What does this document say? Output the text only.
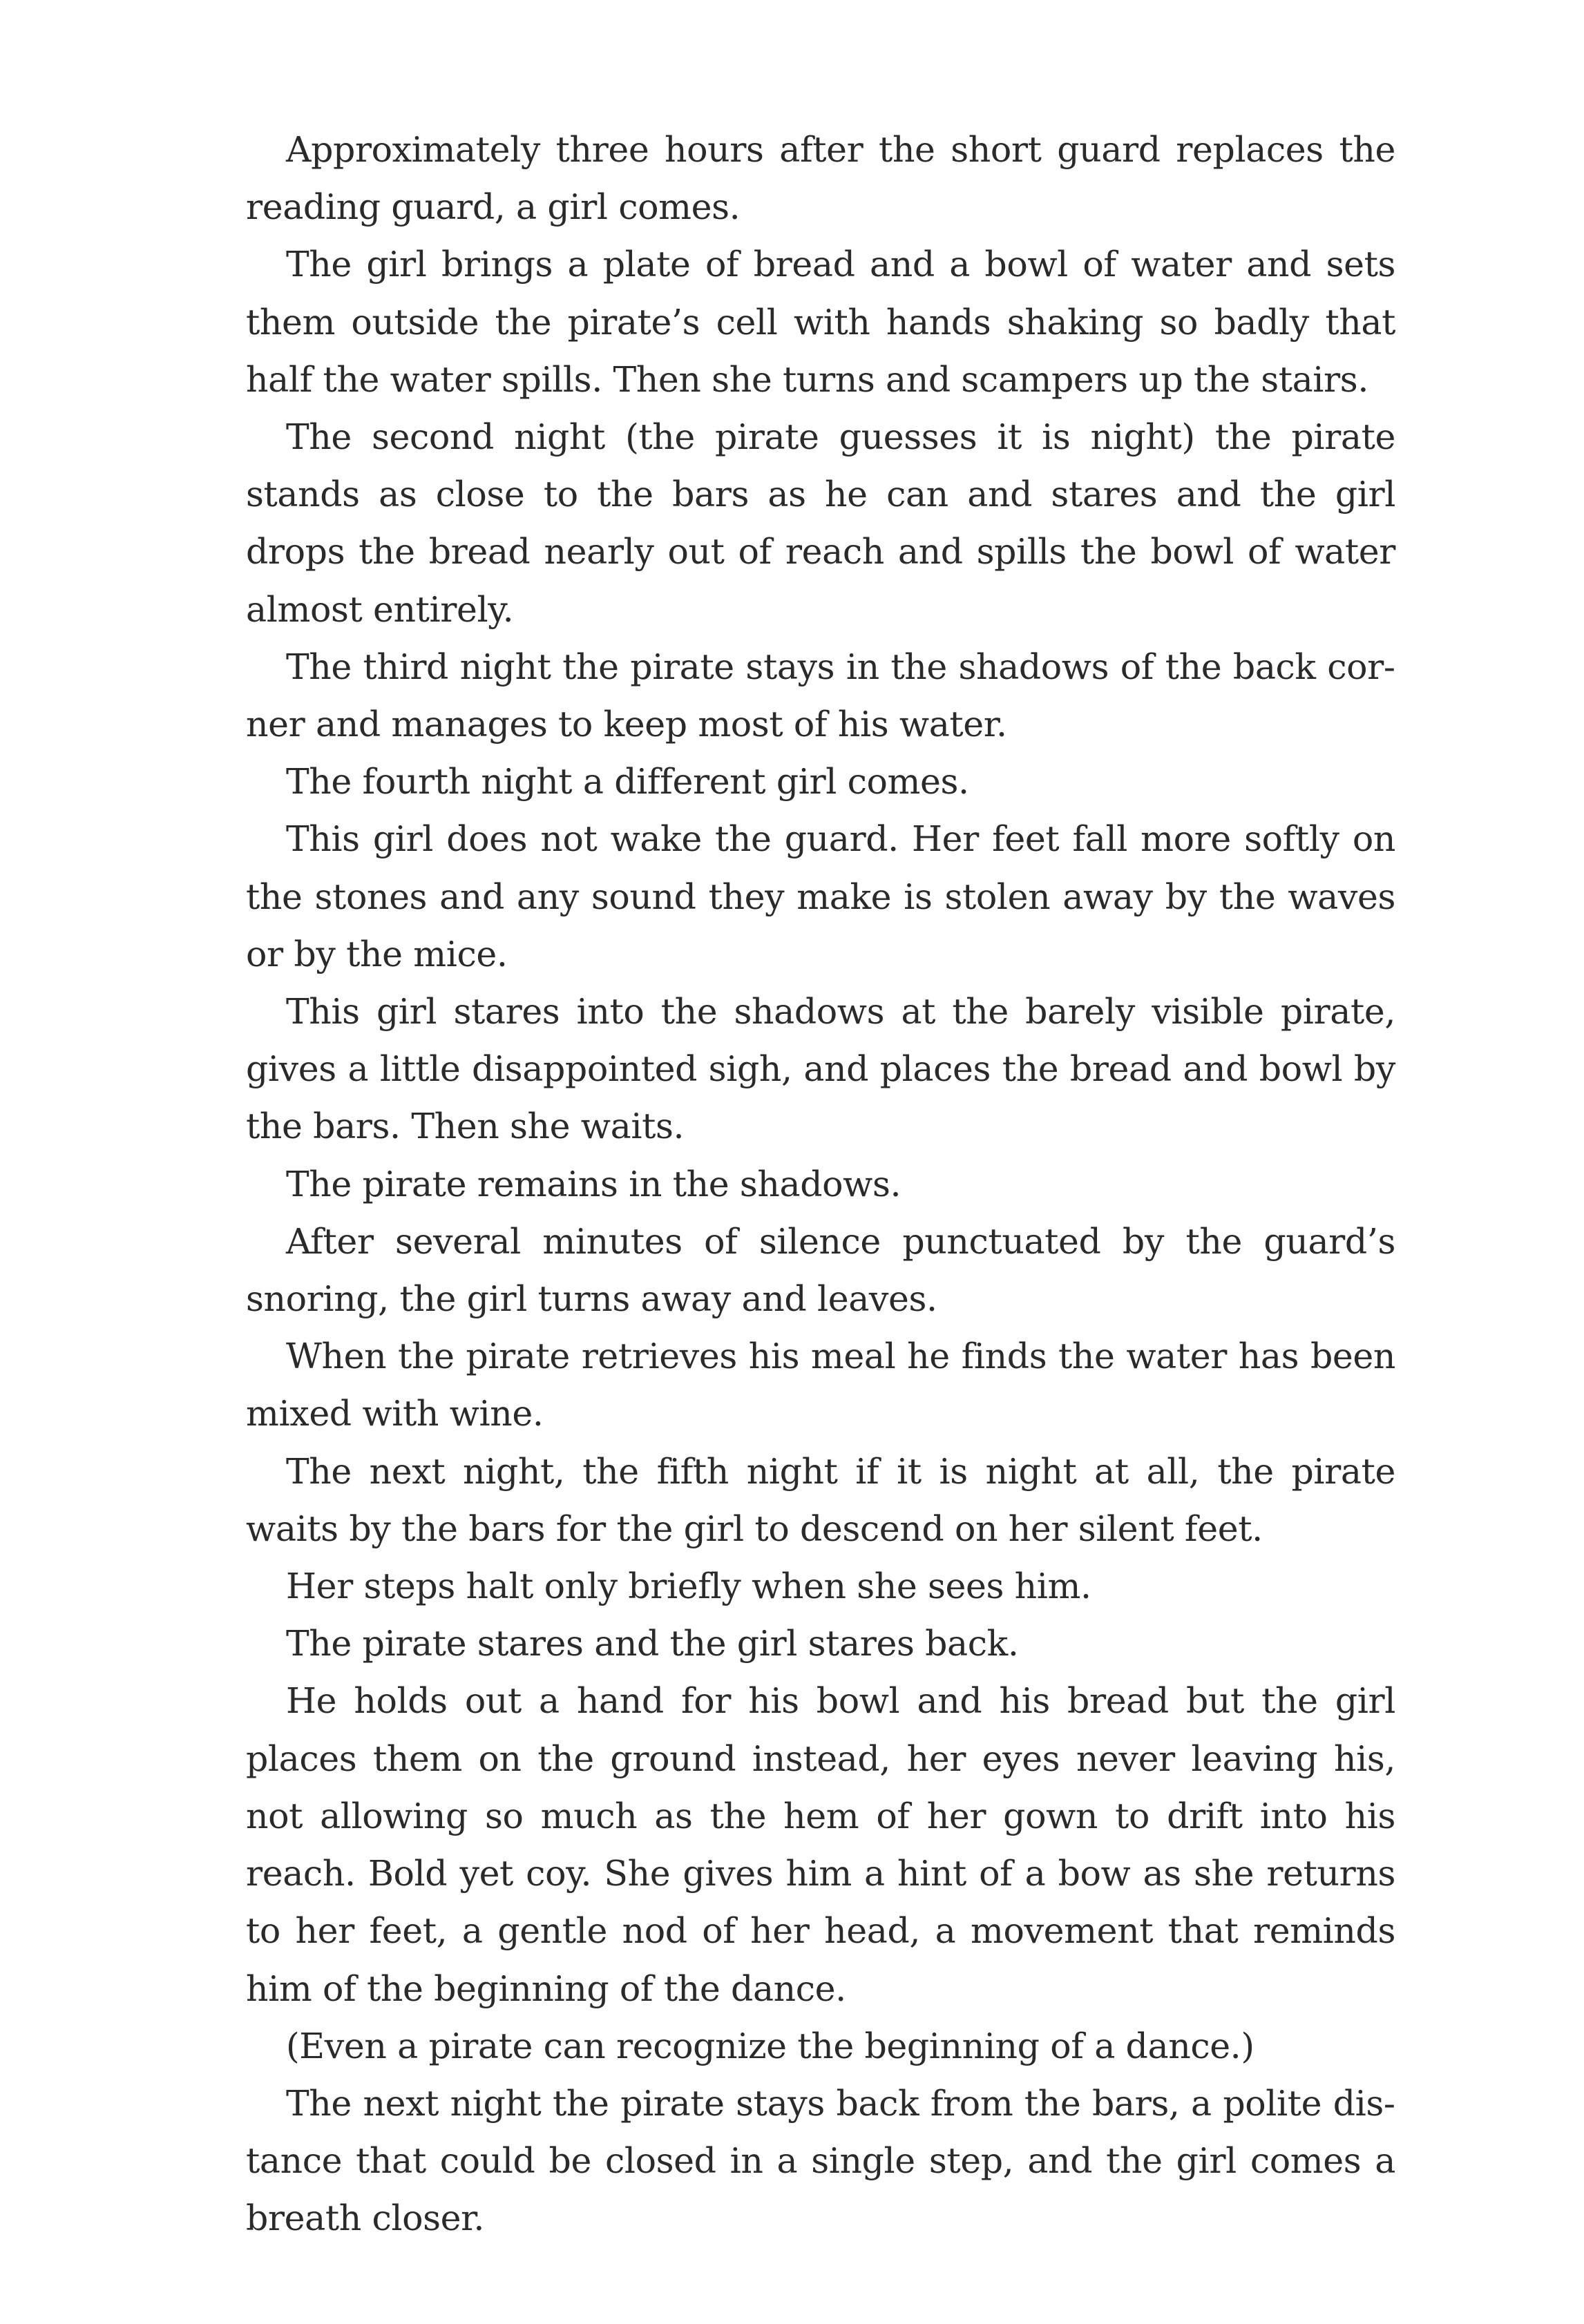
Approximately three hours after the short guard replaces the reading guard, a girl comes.

The girl brings a plate of bread and a bowl of water and sets them outside the pirate’s cell with hands shaking so badly that half the water spills. Then she turns and scampers up the stairs.

The second night (the pirate guesses it is night) the pirate stands as close to the bars as he can and stares and the girl drops the bread nearly out of reach and spills the bowl of water almost entirely.

The third night the pirate stays in the shadows of the back corner and manages to keep most of his water.

The fourth night a different girl comes.

This girl does not wake the guard. Her feet fall more softly on the stones and any sound they make is stolen away by the waves or by the mice.

This girl stares into the shadows at the barely visible pirate, gives a little disappointed sigh, and places the bread and bowl by the bars. Then she waits.

The pirate remains in the shadows.

After several minutes of silence punctuated by the guard’s snoring, the girl turns away and leaves.

When the pirate retrieves his meal he finds the water has been mixed with wine.

The next night, the fifth night if it is night at all, the pirate waits by the bars for the girl to descend on her silent feet.

Her steps halt only briefly when she sees him.

The pirate stares and the girl stares back.

He holds out a hand for his bowl and his bread but the girl places them on the ground instead, her eyes never leaving his, not allowing so much as the hem of her gown to drift into his reach. Bold yet coy. She gives him a hint of a bow as she returns to her feet, a gentle nod of her head, a movement that reminds him of the beginning of the dance.

(Even a pirate can recognize the beginning of a dance.)

The next night the pirate stays back from the bars, a polite distance that could be closed in a single step, and the girl comes a breath closer.
